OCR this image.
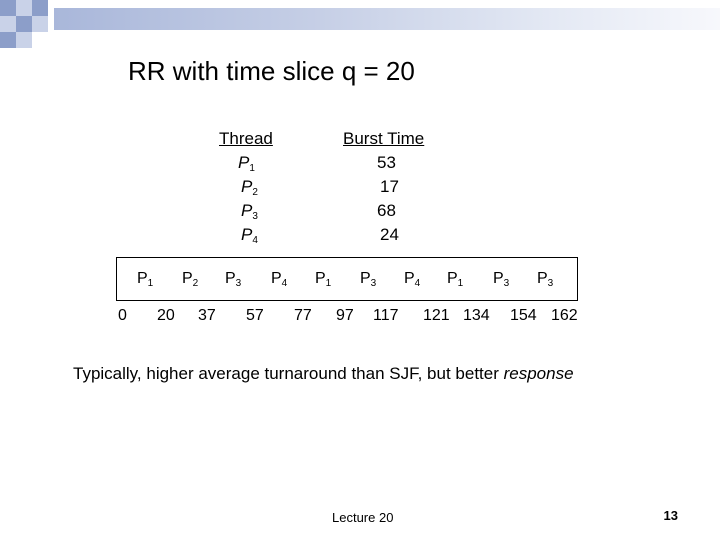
RR with time slice q = 20
Thread	Burst Time
$P_1$
$P_2$
$P_3$
$P_4$
53
17
68
24
$P_1$ $P_2$ $P_3$ $P_4$ $P_1$ $P_3$ $P_4$ $P_1$ $P_3$ $P_3$
0 20 37 57 77 97 117 121 134 154 162
Typically, higher average turnaround than SJF, but better response
Lecture 20	13
